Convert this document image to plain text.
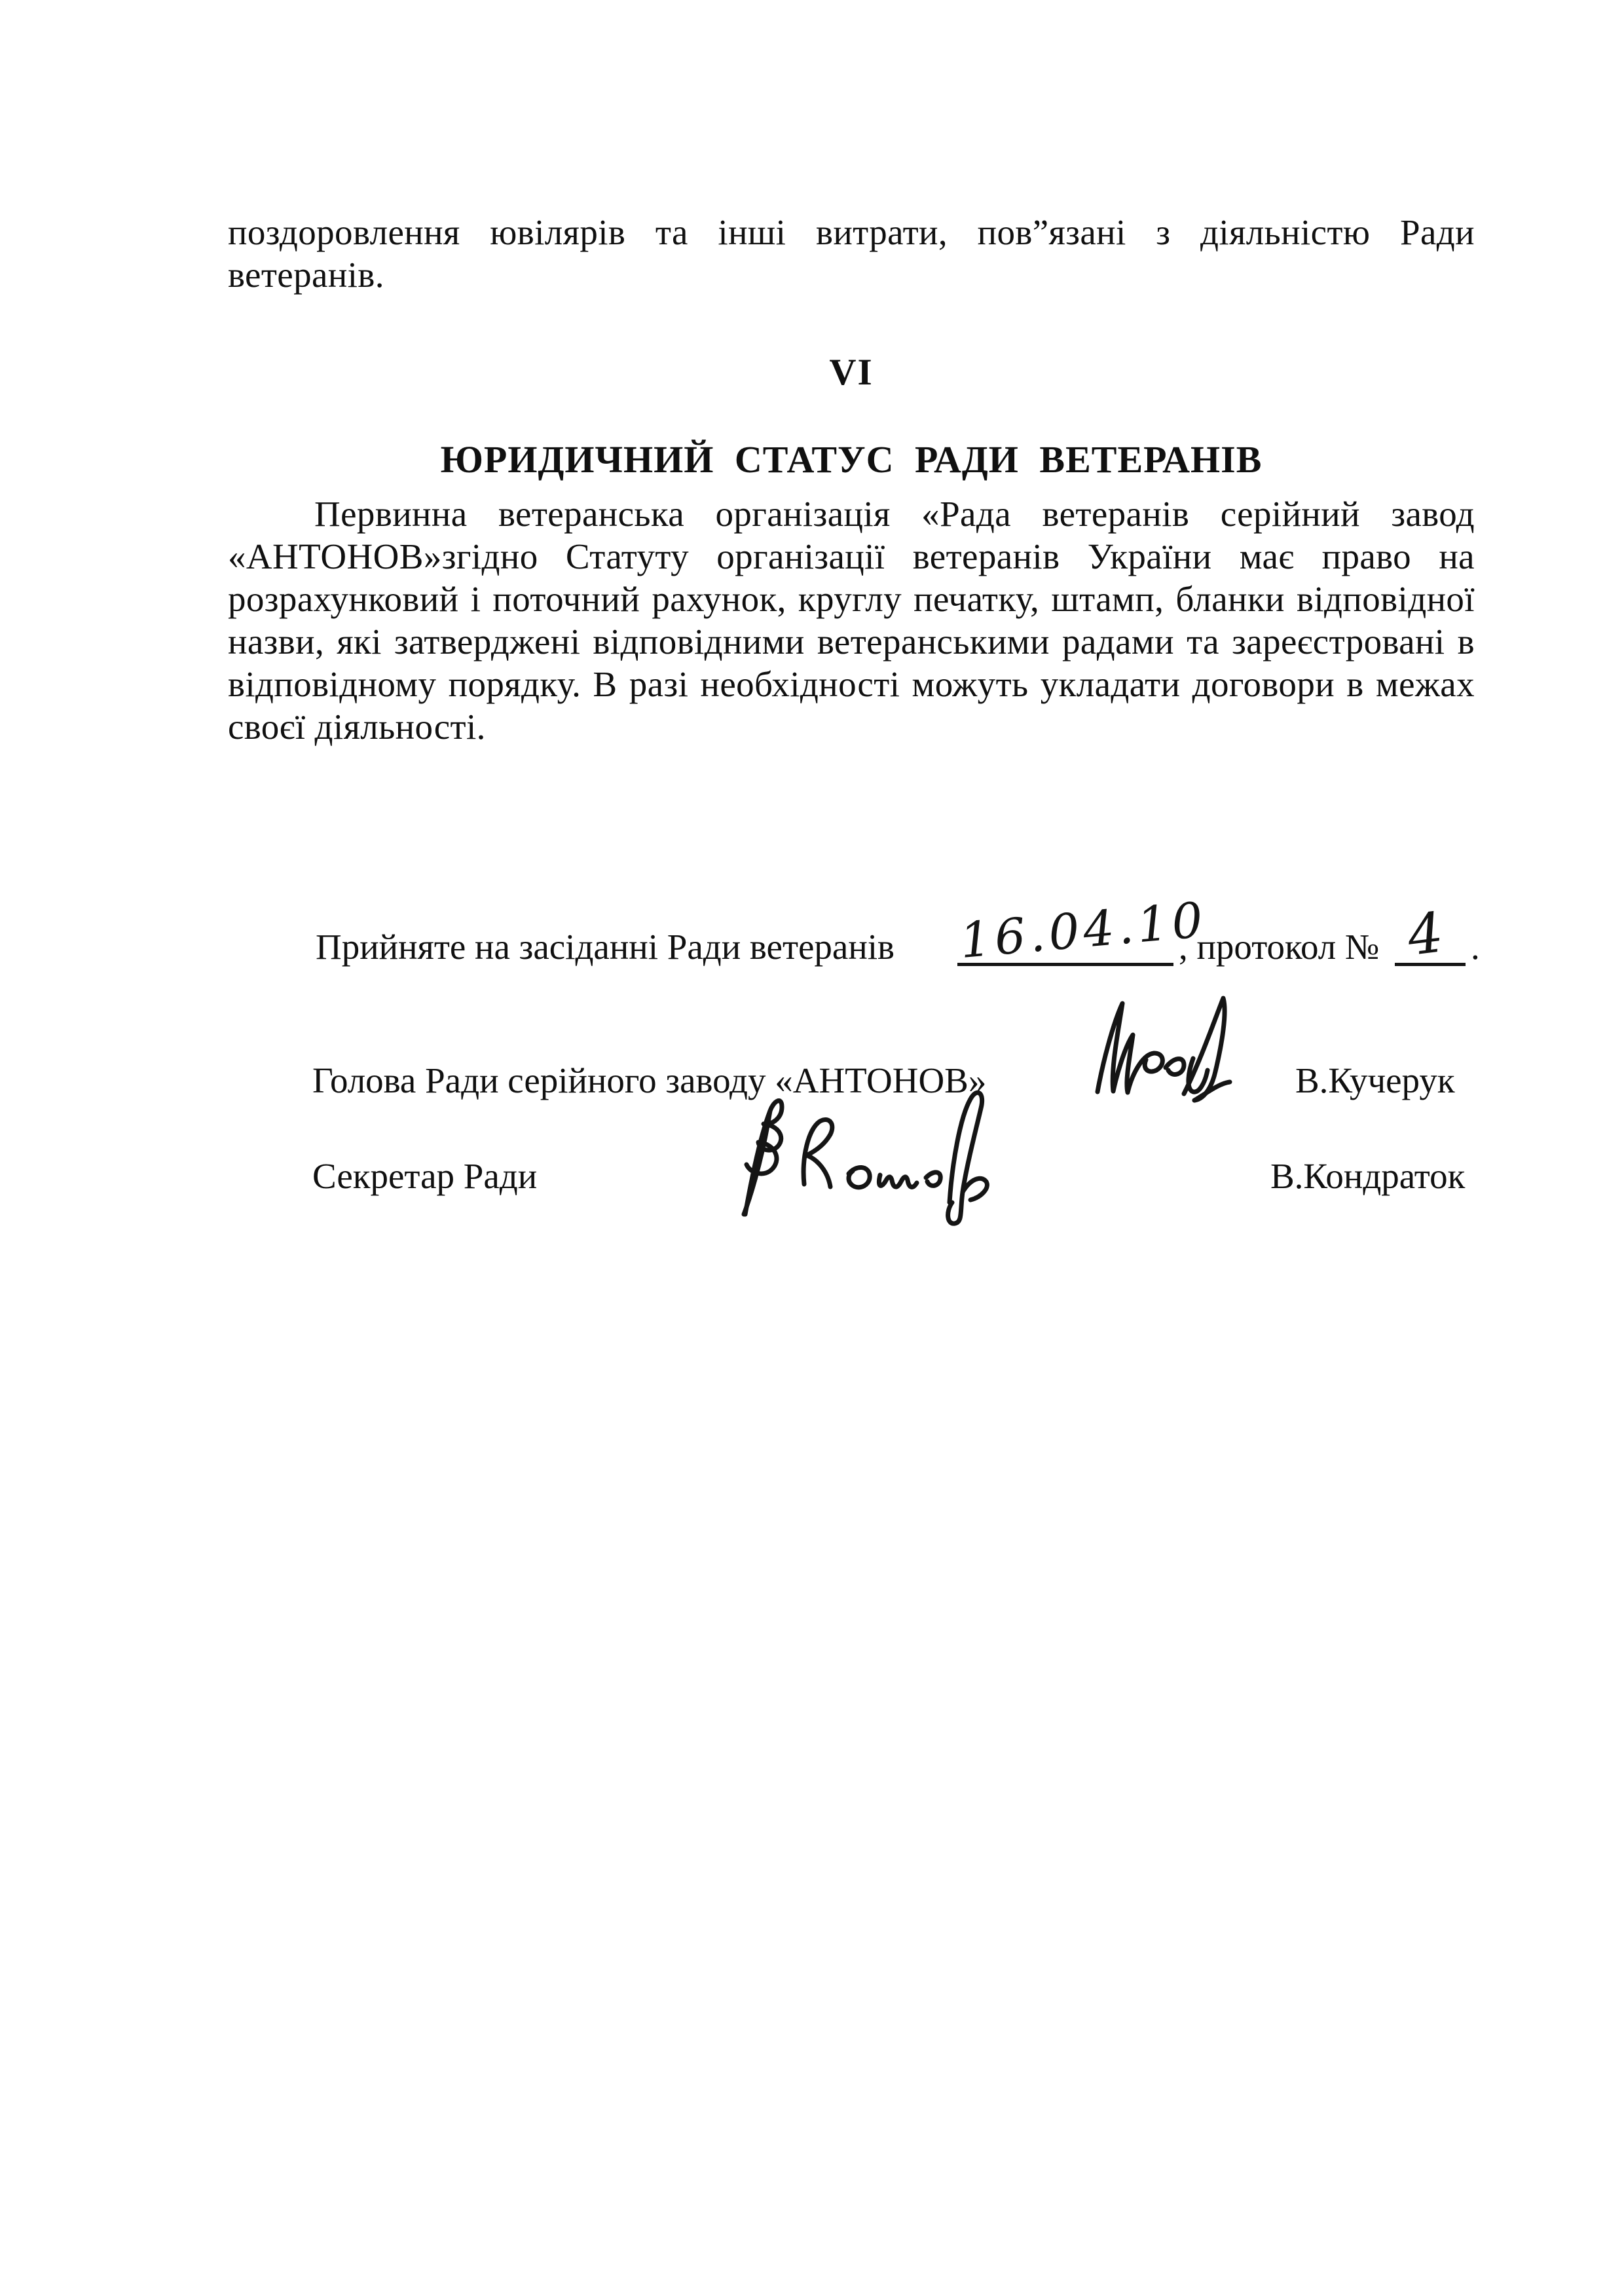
поздоровлення ювілярів та інші витрати, пов”язані з діяльністю Ради ветеранів.

VI
ЮРИДИЧНИЙ СТАТУС РАДИ ВЕТЕРАНІВ

Первинна ветеранська організація «Рада ветеранів серійний завод «АНТОНОВ»згідно Статуту організації ветеранів України має право на розрахунковий і поточний рахунок, круглу печатку, штамп, бланки відповідної назви, які затверджені відповідними ветеранськими радами та зареєстровані в відповідному порядку. В разі необхідності можуть укладати договори в межах своєї діяльності.

Прийняте на засіданні Ради ветеранів 16.04.10
, протокол № 4 .
Голова Ради серійного заводу «АНТОНОВ»	В.Кучерук
Секретар Ради	В.Кондраток
